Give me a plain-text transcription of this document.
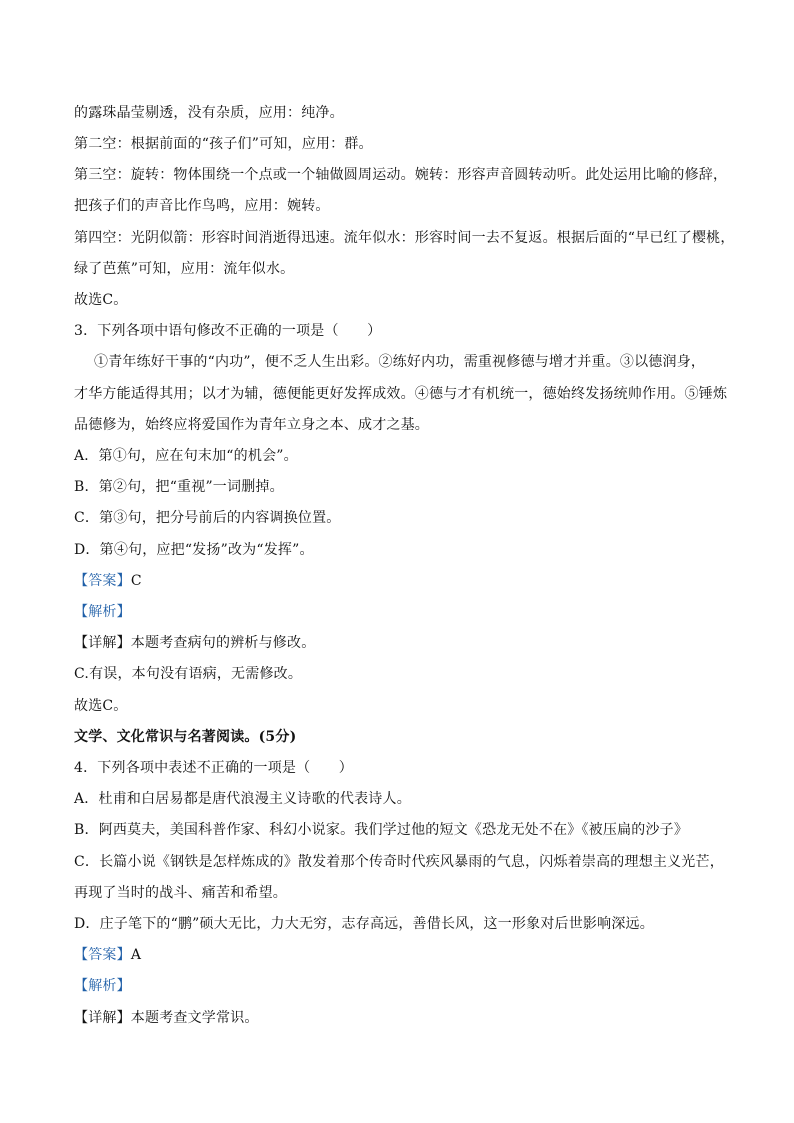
的露珠晶莹剔透，没有杂质，应用：纯净。
第二空：根据前面的“孩子们”可知，应用：群。
第三空：旋转：物体围绕一个点或一个轴做圆周运动。婉转：形容声音圆转动听。此处运用比喻的修辞，
把孩子们的声音比作鸟鸣，应用：婉转。
第四空：光阴似箭：形容时间消逝得迅速。流年似水：形容时间一去不复返。根据后面的“早已红了樱桃，
绿了芭蕉”可知，应用：流年似水。
故选C。
3．下列各项中语句修改不正确的一项是（　　）
①青年练好干事的“内功”，便不乏人生出彩。②练好内功，需重视修德与增才并重。③以德润身，
才华方能适得其用；以才为辅，德便能更好发挥成效。④德与才有机统一，德始终发扬统帅作用。⑤锤炼
品德修为，始终应将爱国作为青年立身之本、成才之基。
A．第①句，应在句末加“的机会”。
B．第②句，把“重视”一词删掉。
C．第③句，把分号前后的内容调换位置。
D．第④句，应把“发扬”改为“发挥”。
【答案】C
【解析】
【详解】本题考查病句的辨析与修改。
C.有误，本句没有语病，无需修改。
故选C。
文学、文化常识与名著阅读。(5分)
4．下列各项中表述不正确的一项是（　　）
A．杜甫和白居易都是唐代浪漫主义诗歌的代表诗人。
B．阿西莫夫，美国科普作家、科幻小说家。我们学过他的短文《恐龙无处不在》《被压扁的沙子》
C．长篇小说《钢铁是怎样炼成的》散发着那个传奇时代疾风暴雨的气息，闪烁着崇高的理想主义光芒，
再现了当时的战斗、痛苦和希望。
D．庄子笔下的“鹏”硕大无比，力大无穷，志存高远，善借长风，这一形象对后世影响深远。
【答案】A
【解析】
【详解】本题考查文学常识。
